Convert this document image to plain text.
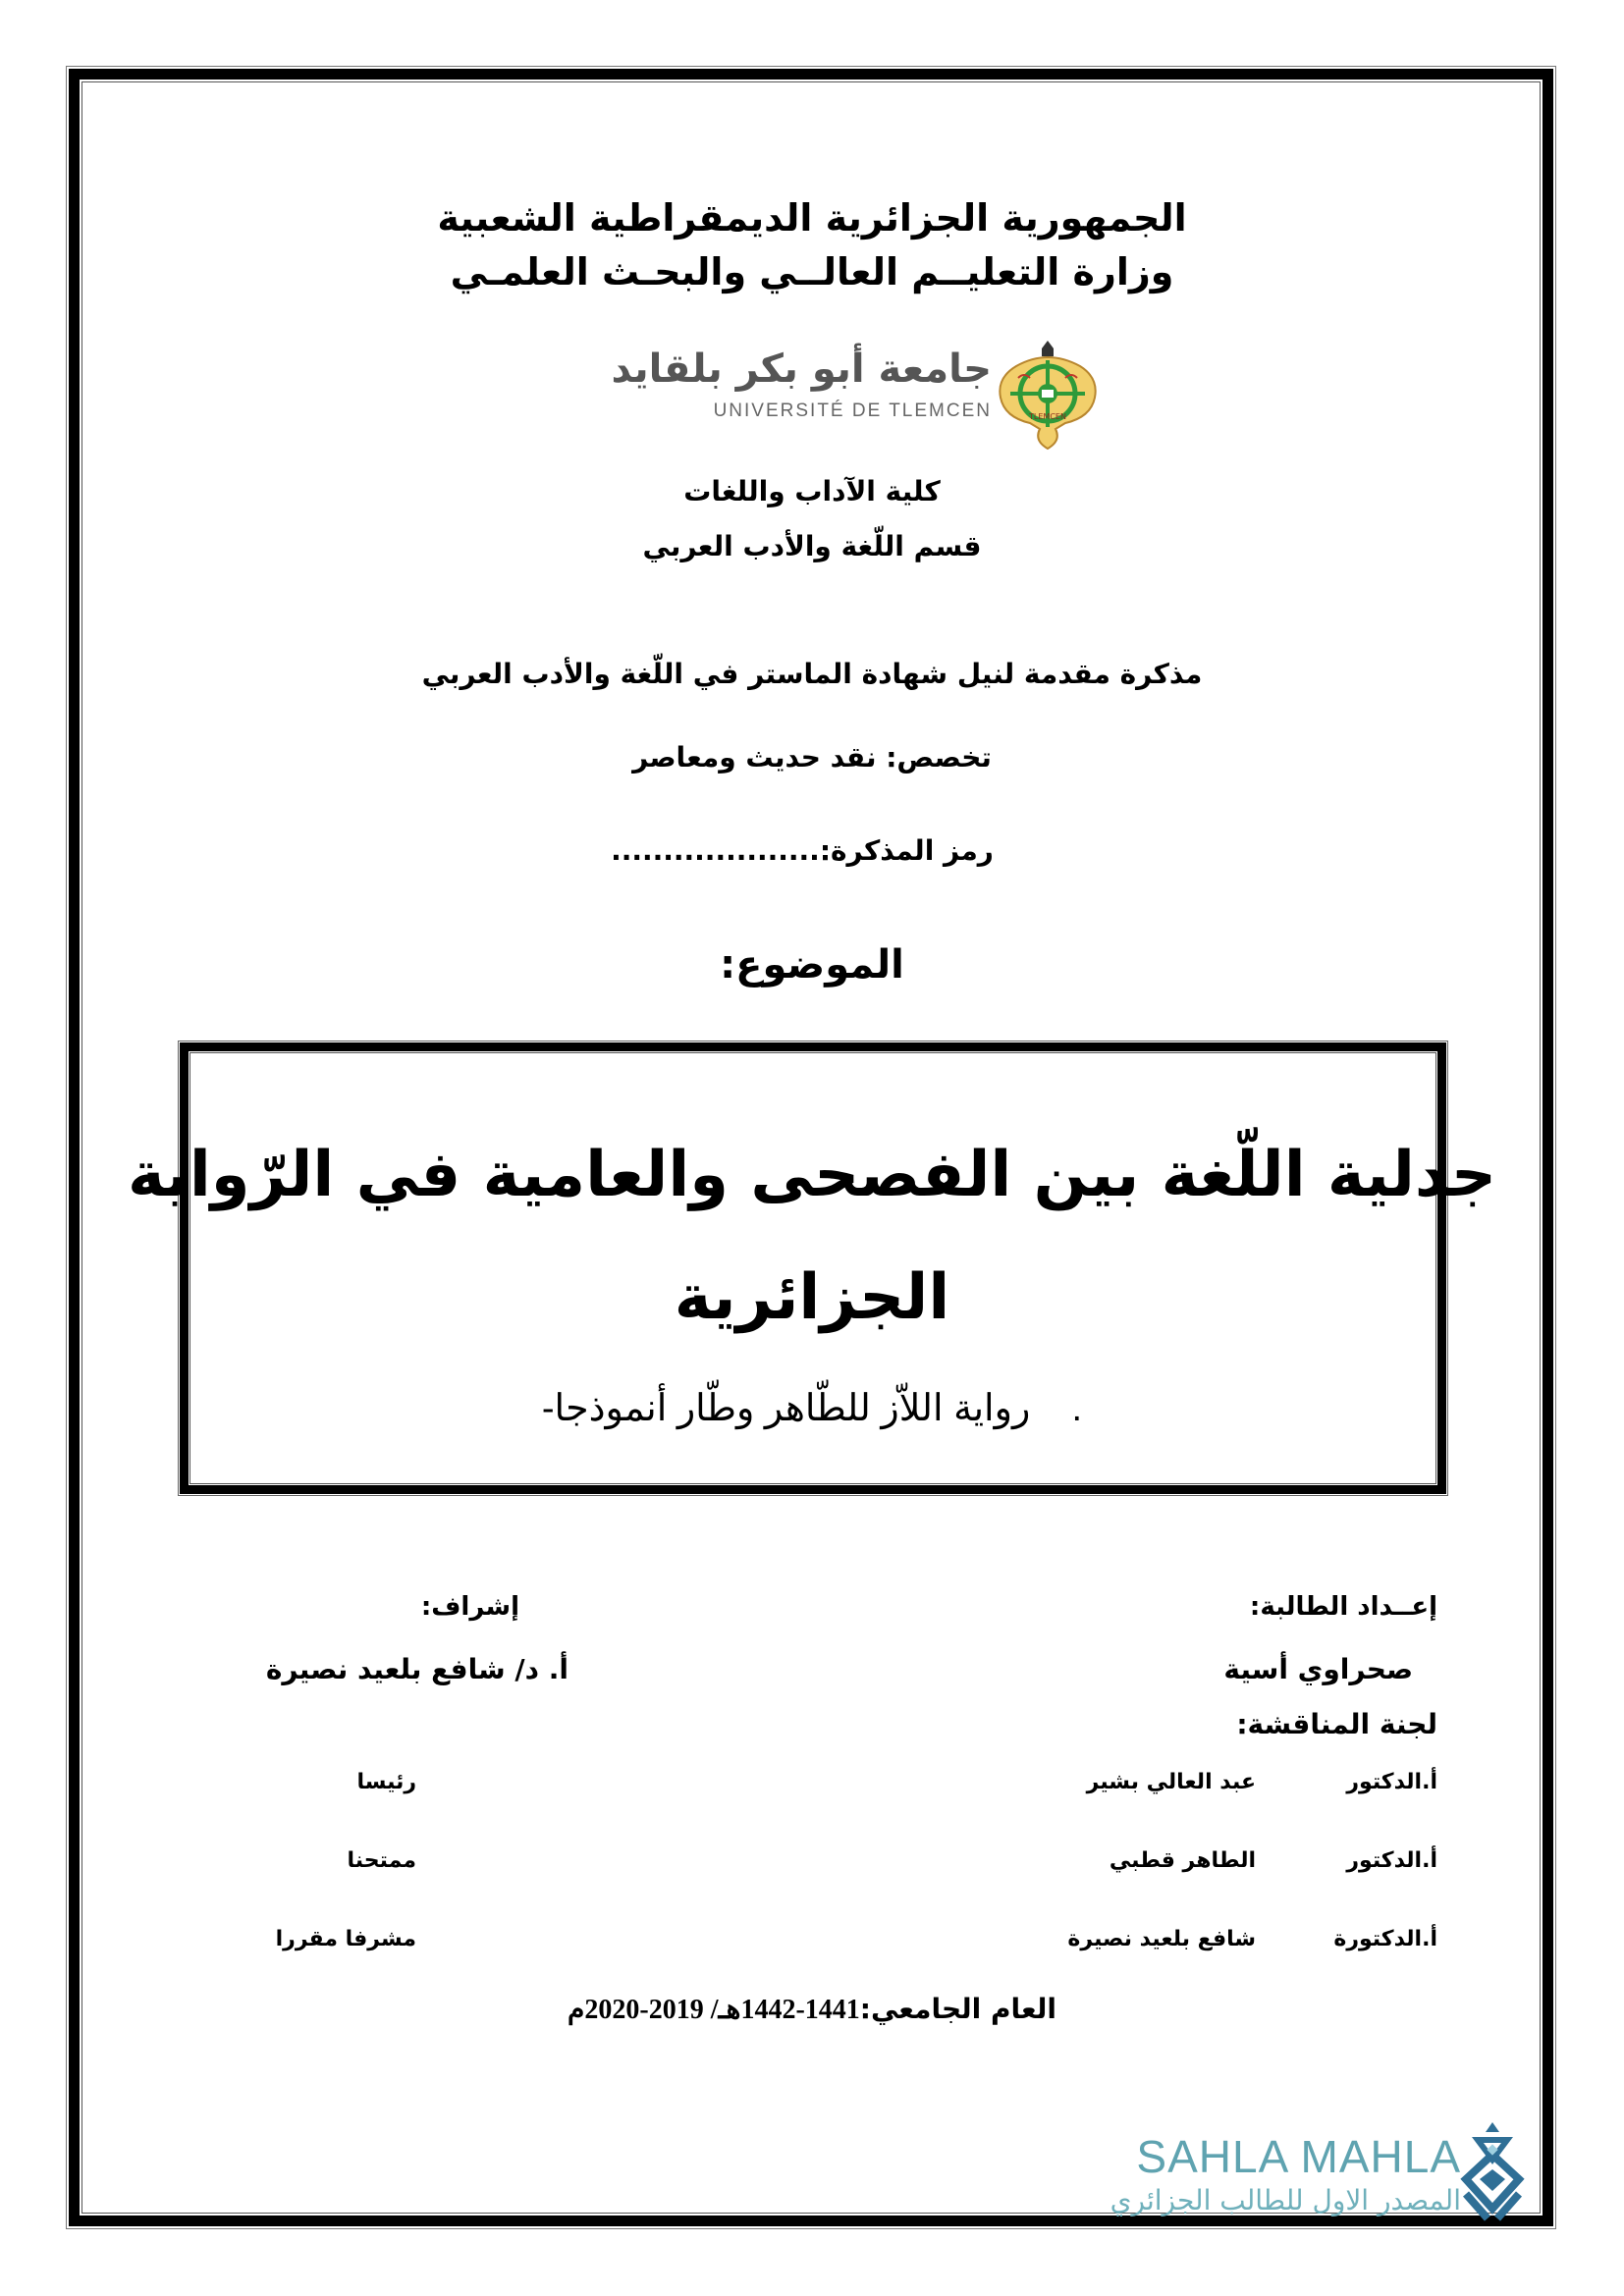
الجمهورية الجزائرية الديمقراطية الشعبية
وزارة التعليــم العالــي والبحـث العلمـي
جامعة أبو بكر بلقايد
UNIVERSITÉ DE TLEMCEN	TLEMCEN
كلية الآداب واللغات
قسم اللّغة والأدب العربي
مذكرة مقدمة لنيل شهادة الماستر في اللّغة والأدب العربي
تخصص: نقد حديث ومعاصر
رمز المذكرة:....................
الموضوع:
جدلية اللّغة بين الفصحى والعامية في الرّواية
الجزائرية
.    رواية اللاّز للطّاهر وطّار أنموذجا-
إعــداد الطالبة:
إشراف:
صحراوي أسية
أ. د/ شافع بلعيد نصيرة
لجنة المناقشة:
أ.الدكتور
عبد العالي بشير
رئيسا
أ.الدكتور
الطاهر قطبي
ممتحنا
أ.الدكتورة
شافع بلعيد نصيرة
مشرفا مقررا
العام الجامعي:1441-1442هـ/ 2019-2020م
SAHLA MAHLA
المصدر الاول للطالب الجزائري
